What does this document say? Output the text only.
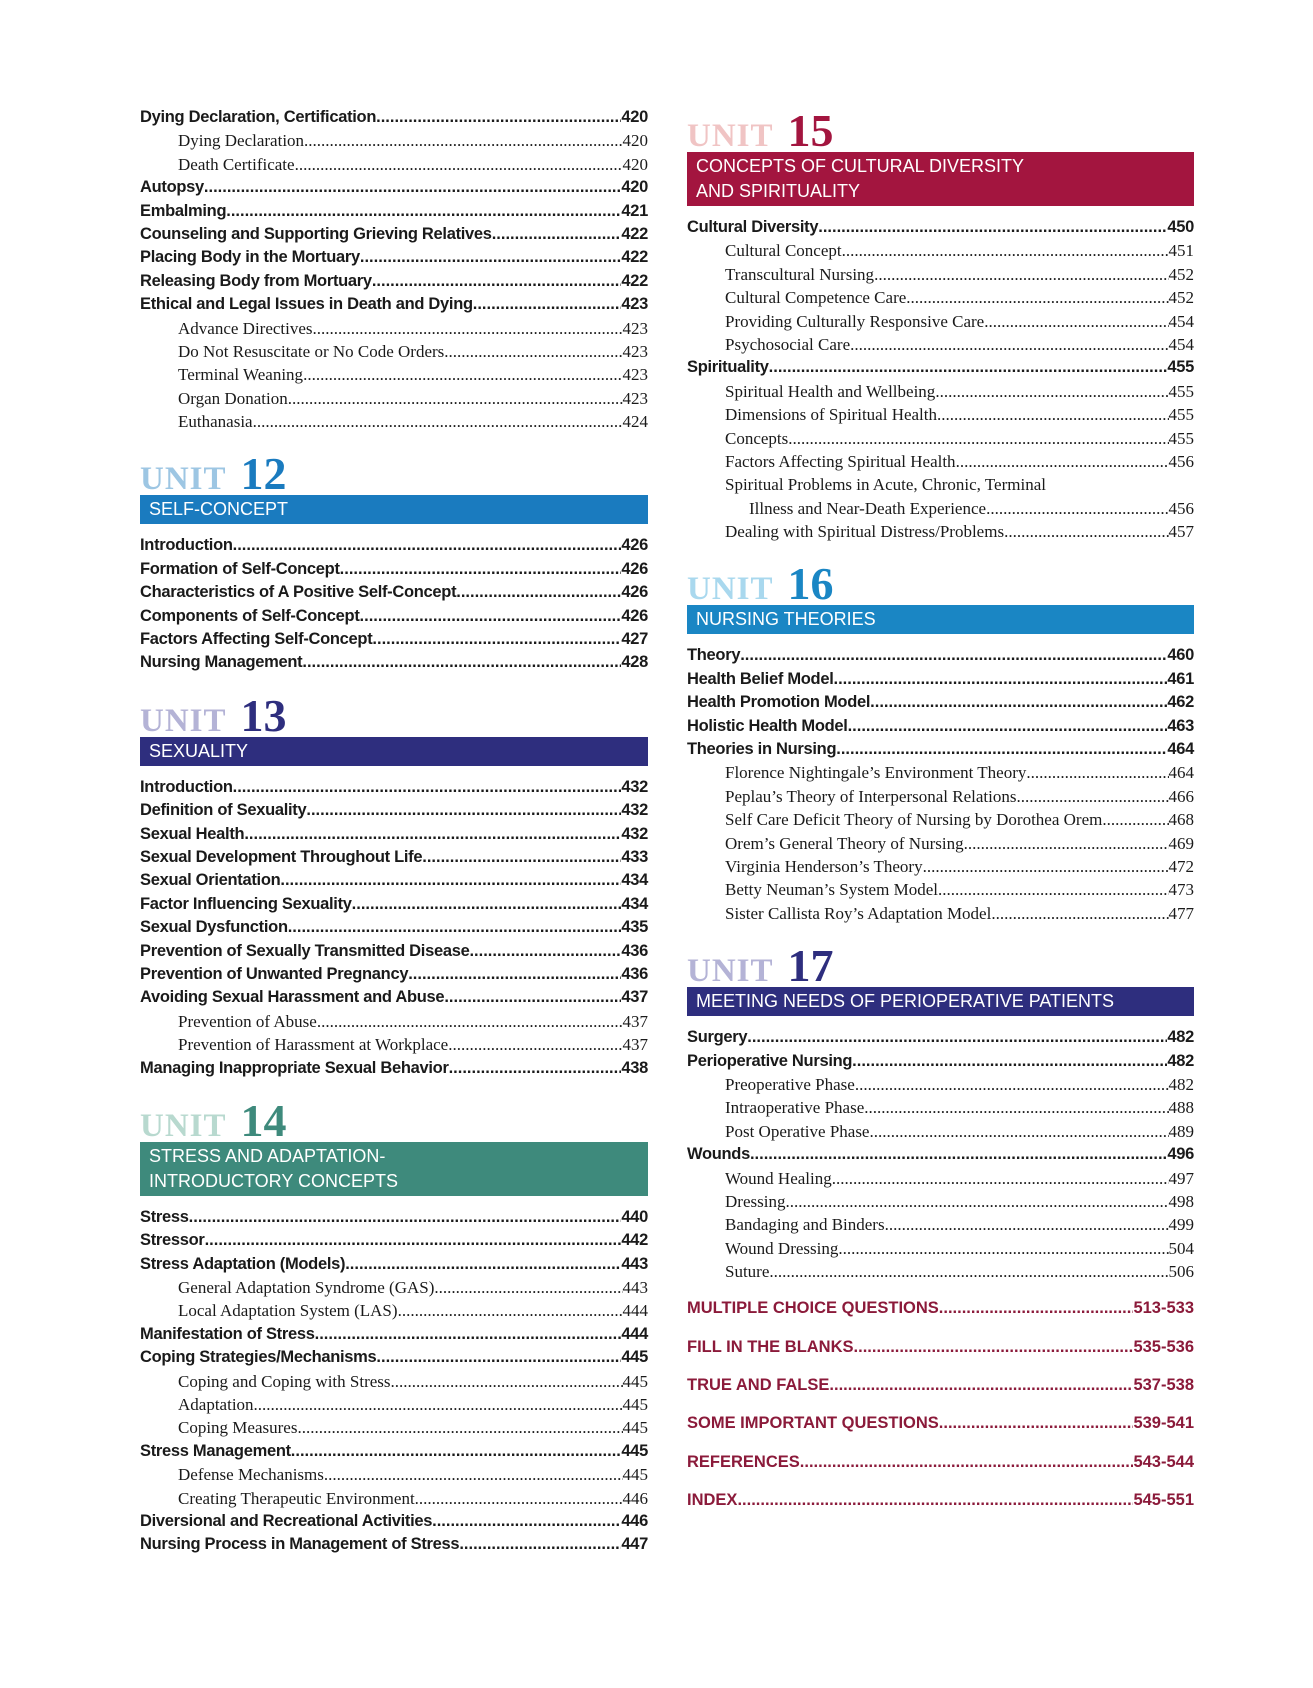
Dying Declaration, Certification .....	420
Dying Declaration .....	420
Death Certificate .....	420
Autopsy .....	420
Embalming .....	421
Counseling and Supporting Grieving Relatives .....	422
Placing Body in the Mortuary .....	422
Releasing Body from Mortuary .....	422
Ethical and Legal Issues in Death and Dying .....	423
Advance Directives .....	423
Do Not Resuscitate or No Code Orders .....	423
Terminal Weaning .....	423
Organ Donation .....	423
Euthanasia .....	424
UNIT 12
SELF-CONCEPT
Introduction .....	426
Formation of Self-Concept .....	426
Characteristics of A Positive Self-Concept .....	426
Components of Self-Concept .....	426
Factors Affecting Self-Concept .....	427
Nursing Management .....	428
UNIT 13
SEXUALITY
Introduction .....	432
Definition of Sexuality .....	432
Sexual Health .....	432
Sexual Development Throughout Life .....	433
Sexual Orientation .....	434
Factor Influencing Sexuality .....	434
Sexual Dysfunction .....	435
Prevention of Sexually Transmitted Disease .....	436
Prevention of Unwanted Pregnancy .....	436
Avoiding Sexual Harassment and Abuse .....	437
Prevention of Abuse .....	437
Prevention of Harassment at Workplace .....	437
Managing Inappropriate Sexual Behavior .....	438
UNIT 14
STRESS AND ADAPTATION-
INTRODUCTORY CONCEPTS
Stress .....	440
Stressor .....	442
Stress Adaptation (Models) .....	443
General Adaptation Syndrome (GAS) .....	443
Local Adaptation System (LAS) .....	444
Manifestation of Stress .....	444
Coping Strategies/Mechanisms .....	445
Coping and Coping with Stress .....	445
Adaptation .....	445
Coping Measures .....	445
Stress Management .....	445
Defense Mechanisms .....	445
Creating Therapeutic Environment .....	446
Diversional and Recreational Activities .....	446
Nursing Process in Management of Stress .....	447
UNIT 15
CONCEPTS OF CULTURAL DIVERSITY
AND SPIRITUALITY
Cultural Diversity .....	450
Cultural Concept .....	451
Transcultural Nursing .....	452
Cultural Competence Care .....	452
Providing Culturally Responsive Care .....	454
Psychosocial Care .....	454
Spirituality .....	455
Spiritual Health and Wellbeing .....	455
Dimensions of Spiritual Health .....	455
Concepts .....	455
Factors Affecting Spiritual Health .....	456
Spiritual Problems in Acute, Chronic, Terminal
Illness and Near-Death Experience .....	456
Dealing with Spiritual Distress/Problems .....	457
UNIT 16
NURSING THEORIES
Theory .....	460
Health Belief Model .....	461
Health Promotion Model .....	462
Holistic Health Model .....	463
Theories in Nursing .....	464
Florence Nightingale’s Environment Theory .....	464
Peplau’s Theory of Interpersonal Relations .....	466
Self Care Deficit Theory of Nursing by Dorothea Orem .....	468
Orem’s General Theory of Nursing .....	469
Virginia Henderson’s Theory .....	472
Betty Neuman’s System Model .....	473
Sister Callista Roy’s Adaptation Model .....	477
UNIT 17
MEETING NEEDS OF PERIOPERATIVE PATIENTS
Surgery .....	482
Perioperative Nursing .....	482
Preoperative Phase .....	482
Intraoperative Phase .....	488
Post Operative Phase .....	489
Wounds .....	496
Wound Healing .....	497
Dressing .....	498
Bandaging and Binders .....	499
Wound Dressing .....	504
Suture .....	506
MULTIPLE CHOICE QUESTIONS .....	513-533
FILL IN THE BLANKS .....	535-536
TRUE AND FALSE .....	537-538
SOME IMPORTANT QUESTIONS .....	539-541
REFERENCES .....	543-544
INDEX .....	545-551
